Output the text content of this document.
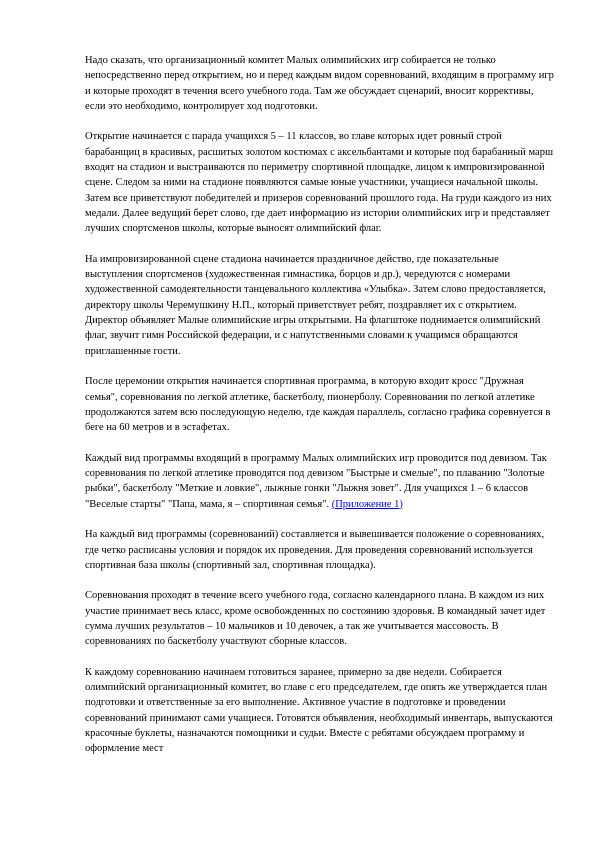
Надо сказать, что организационный комитет Малых олимпийских игр собирается не только непосредственно перед открытием, но и перед каждым видом соревнований, входящим в программу игр и которые проходят в течения всего учебного года. Там же обсуждает сценарий, вносит коррективы, если это необходимо, контролирует ход подготовки.

Открытие начинается с парада учащихся 5 – 11 классов, во главе которых идет ровный строй барабанщиц в красивых, расшитых золотом костюмах с аксельбантами и которые под барабанный марш входят на стадион и выстраиваются по периметру спортивной площадке, лицом к импровизированной сцене. Следом за ними на стадионе появляются самые юные участники, учащиеся начальной школы. Затем все приветствуют победителей и призеров соревнований прошлого года. На груди каждого из них медали. Далее ведущий берет слово, где дает информацию из истории олимпийских игр и представляет лучших спортсменов школы, которые выносят олимпийский флаг.

На импровизированной сцене стадиона начинается праздничное действо, где показательные выступления спортсменов (художественная гимнастика, борцов и др.), чередуются с номерами художественной самодеятельности танцевального коллектива «Улыбка». Затем слово предоставляется, директору школы Черемушкину Н.П., который приветствует ребят, поздравляет их с открытием. Директор объявляет Малые олимпийские игры открытыми. На флагштоке поднимается олимпийский флаг, звучит гимн Российской федерации, и с напутственными словами к учащимся обращаются приглашенные гости.

После церемонии открытия начинается спортивная программа, в которую входит кросс "Дружная семья", соревнования по легкой атлетике, баскетболу, пионерболу. Соревнования по легкой атлетике продолжаются затем всю последующую неделю, где каждая параллель, согласно графика соревнуется в беге на 60 метров и в эстафетах.

Каждый вид программы входящий в программу Малых олимпийских игр проводится под девизом. Так соревнования по легкой атлетике проводятся под девизом "Быстрые и смелые", по плаванию "Золотые рыбки", баскетболу "Меткие и ловкие", лыжные гонки "Лыжня зовет". Для учащихся 1 – 6 классов "Веселые старты" "Папа, мама, я – спортивная семья". (Приложение 1)

На каждый вид программы (соревнований) составляется и вывешивается положение о соревнованиях, где четко расписаны условия и порядок их проведения. Для проведения соревнований используется спортивная база школы (спортивный зал, спортивная площадка).

Соревнования проходят в течение всего учебного года, согласно календарного плана. В каждом из них участие принимает весь класс, кроме освобожденных по состоянию здоровья. В командный зачет идет сумма лучших результатов – 10 мальчиков и 10 девочек, а так же учитывается массовость. В соревнованиях по баскетболу участвуют сборные классов.

К каждому соревнованию начинаем готовиться заранее, примерно за две недели. Собирается олимпийский организационный комитет, во главе с его председателем, где опять же утверждается план подготовки и ответственные за его выполнение. Активное участие в подготовке и проведении соревнований принимают сами учащиеся. Готовятся объявления, необходимый инвентарь, выпускаются красочные буклеты, назначаются помощники и судьи. Вместе с ребятами обсуждаем программу и оформление мест
